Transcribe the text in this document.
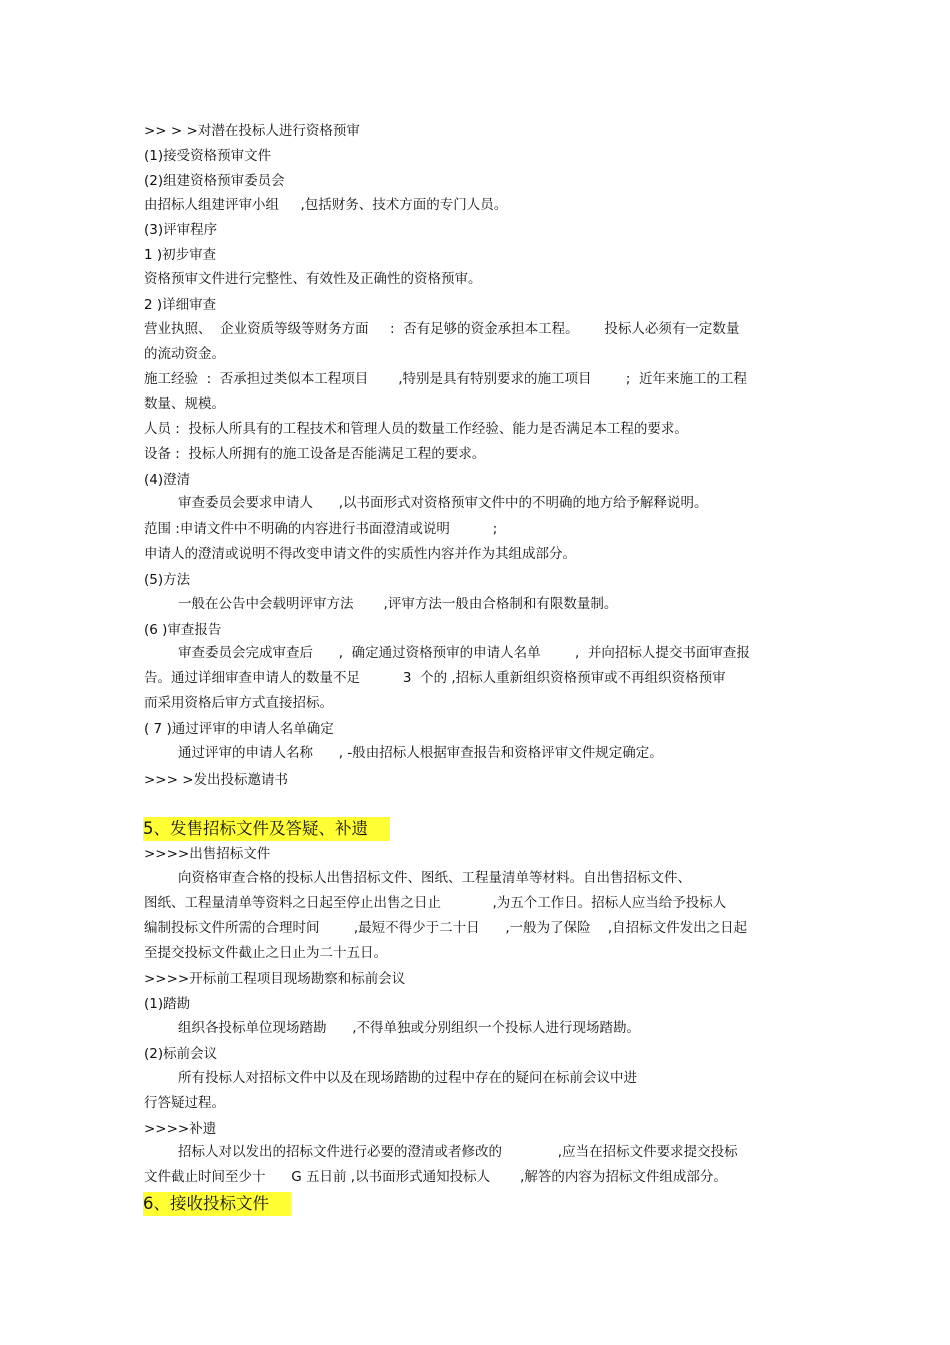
>> > >对潜在投标人进行资格预审

(1)接受资格预审文件

(2)组建资格预审委员会

由招标人组建评审小组     ,包括财务、技术方面的专门人员。

(3)评审程序

1 )初步审查

资格预审文件进行完整性、有效性及正确性的资格预审。

2 )详细审查

营业执照、  企业资质等级等财务方面     :  否有足够的资金承担本工程。      投标人必须有一定数量

的流动资金。

施工经验  :  否承担过类似本工程项目       ,特别是具有特别要求的施工项目        ;  近年来施工的工程

数量、规模。

人员 :  投标人所具有的工程技术和管理人员的数量工作经验、能力是否满足本工程的要求。

设备 :  投标人所拥有的施工设备是否能满足工程的要求。

(4)澄清

审查委员会要求申请人      ,以书面形式对资格预审文件中的不明确的地方给予解释说明。

范围 :申请文件中不明确的内容进行书面澄清或说明          ;

申请人的澄清或说明不得改变申请文件的实质性内容并作为其组成部分。

(5)方法

一般在公告中会载明评审方法       ,评审方法一般由合格制和有限数量制。

(6 )审查报告

审查委员会完成审查后      ,  确定通过资格预审的申请人名单        ,  并向招标人提交书面审查报

告。通过详细审查申请人的数量不足          3  个的 ,招标人重新组织资格预审或不再组织资格预审

而采用资格后审方式直接招标。

( 7 )通过评审的申请人名单确定

通过评审的申请人名称      , -般由招标人根据审查报告和资格评审文件规定确定。

>>> >发出投标邀请书

5、发售招标文件及答疑、补遗

>>>>出售招标文件

向资格审查合格的投标人出售招标文件、图纸、工程量清单等材料。自出售招标文件、

图纸、工程量清单等资料之日起至停止出售之日止            ,为五个工作日。招标人应当给予投标人

编制投标文件所需的合理时间        ,最短不得少于二十日      ,一般为了保险    ,自招标文件发出之日起

至提交投标文件截止之日止为二十五日。

>>>>开标前工程项目现场勘察和标前会议

(1)踏勘

组织各投标单位现场踏勘      ,不得单独或分别组织一个投标人进行现场踏勘。

(2)标前会议

所有投标人对招标文件中以及在现场踏勘的过程中存在的疑问在标前会议中进

行答疑过程。

>>>>补遗

招标人对以发出的招标文件进行必要的澄清或者修改的             ,应当在招标文件要求提交投标

文件截止时间至少十      G 五日前 ,以书面形式通知投标人       ,解答的内容为招标文件组成部分。

6、接收投标文件
